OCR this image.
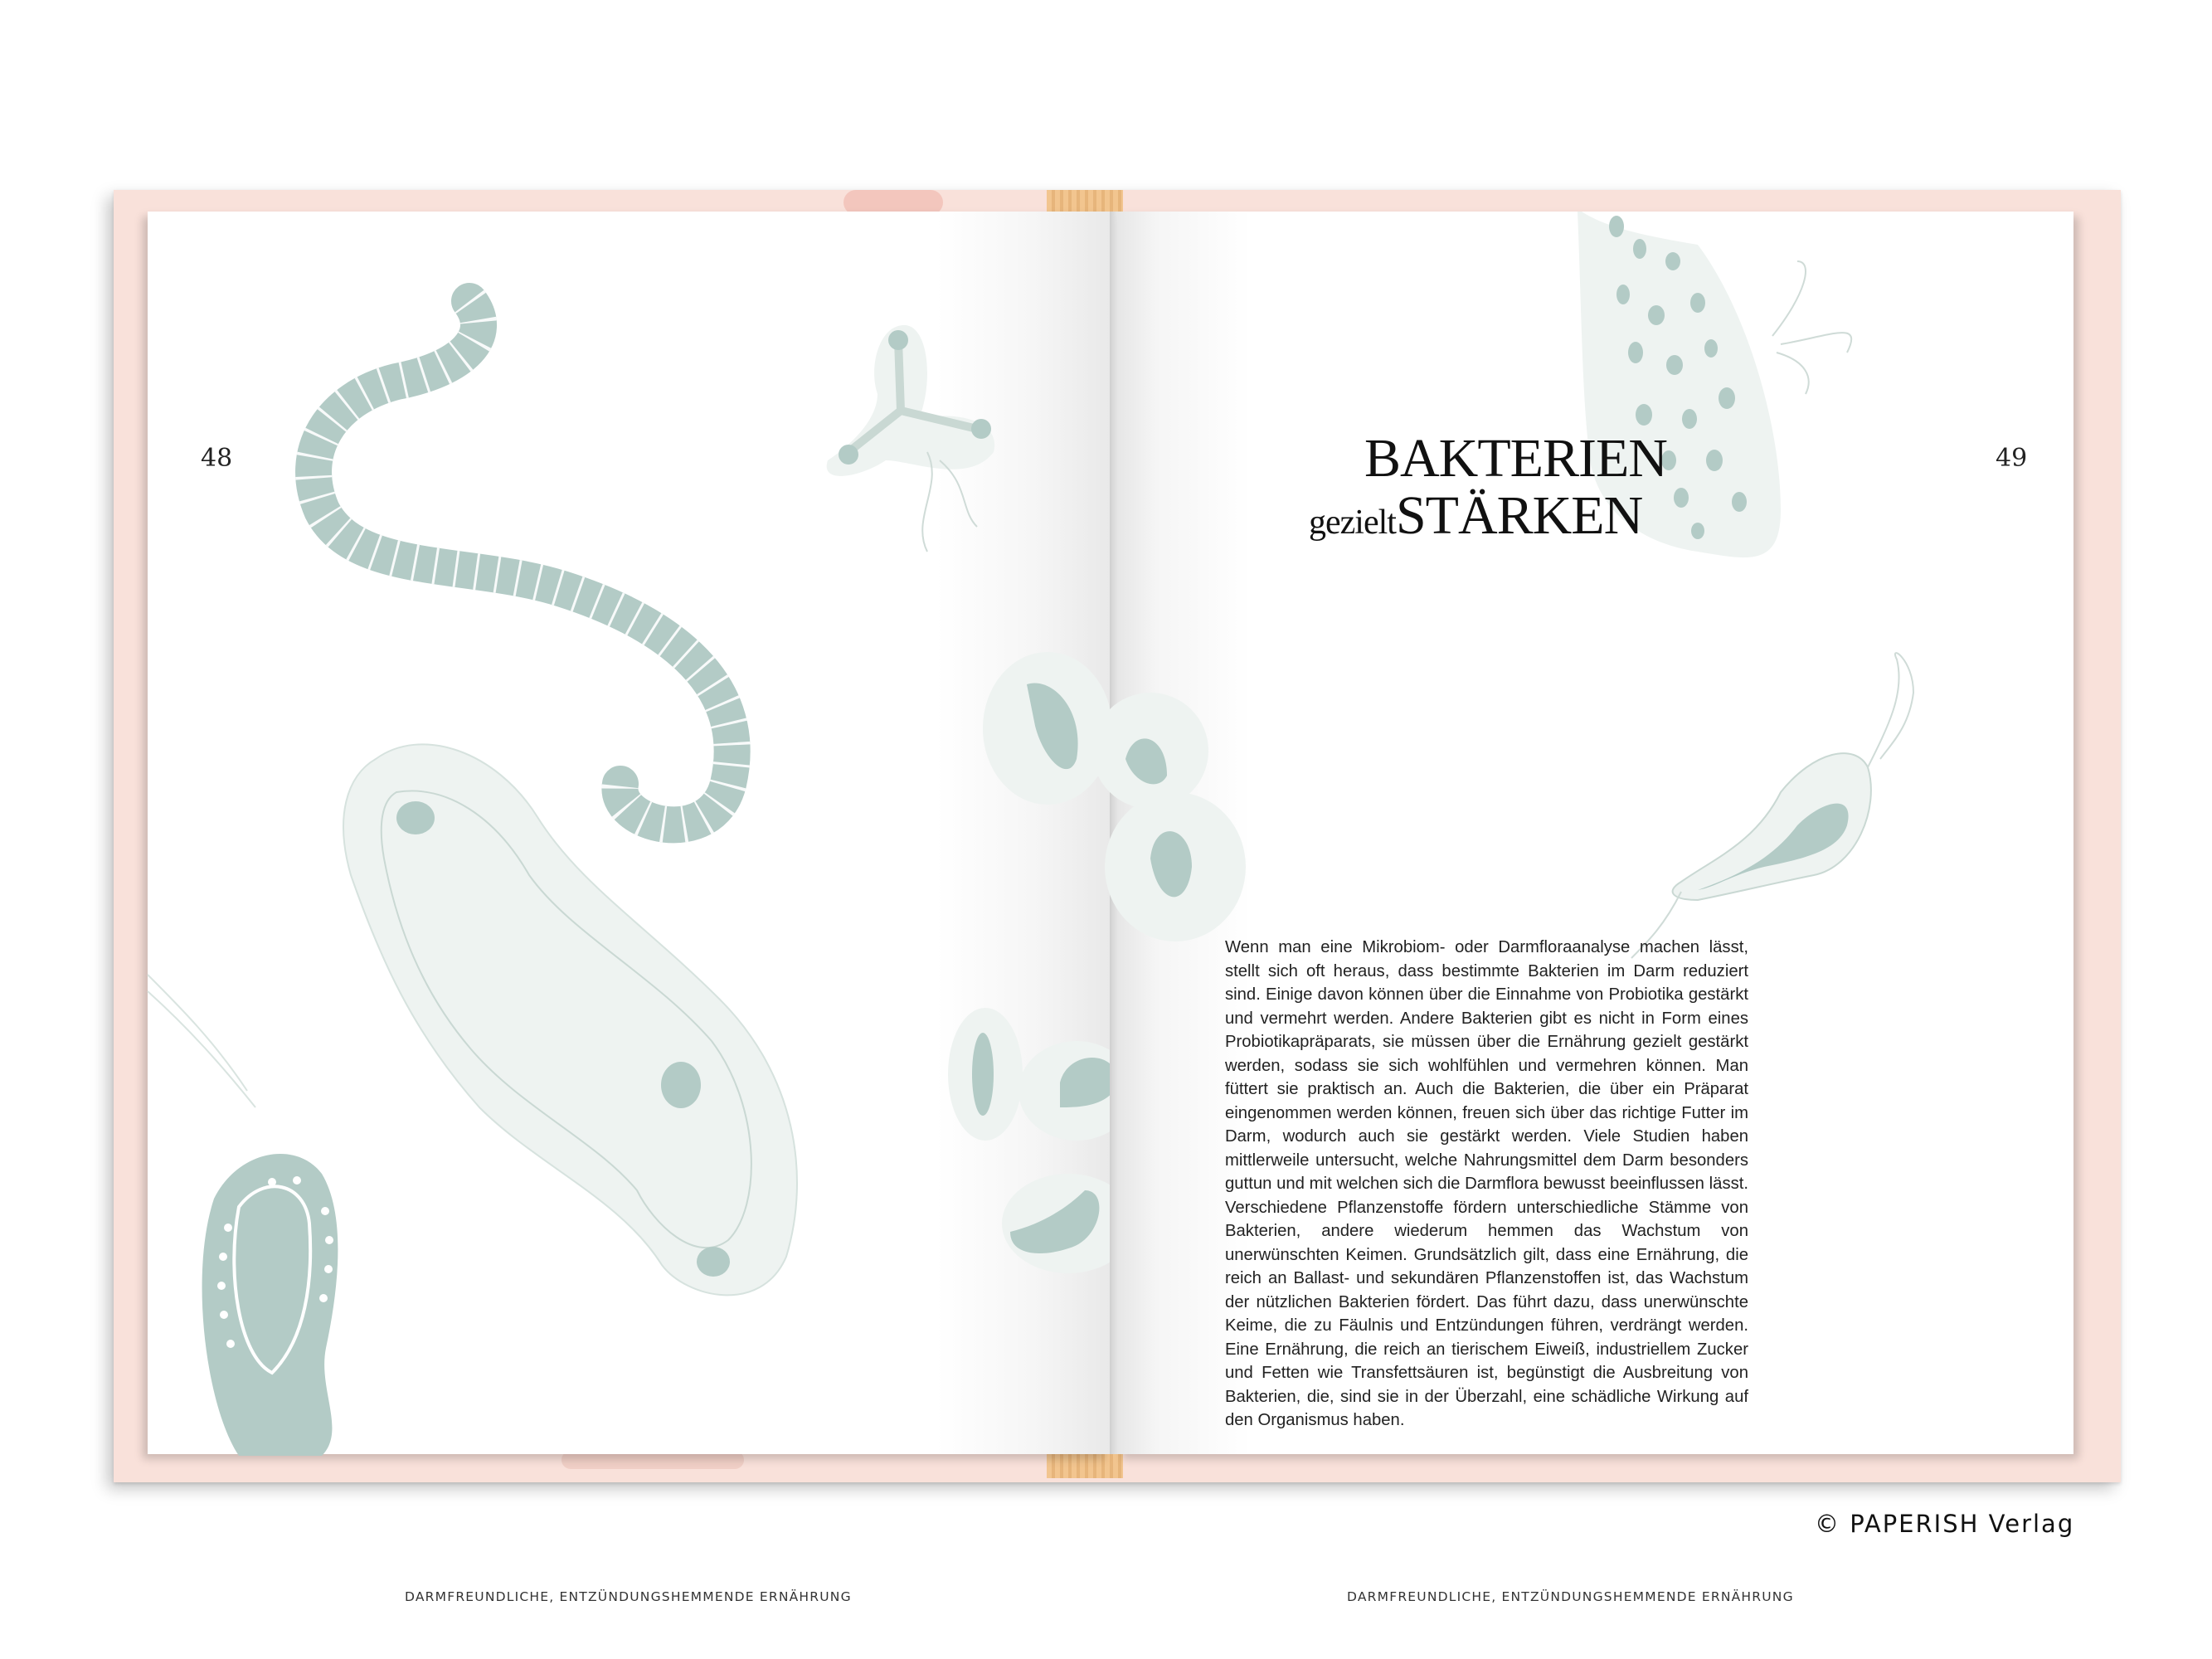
48
DARMFREUNDLICHE, ENTZÜNDUNGSHEMMENDE ERNÄHRUNG
49
DARMFREUNDLICHE, ENTZÜNDUNGSHEMMENDE ERNÄHRUNG
BAKTERIEN
gezieltSTÄRKEN
Wenn man eine Mikrobiom- oder Darmfloraanalyse machen lässt, stellt sich oft heraus, dass bestimmte Bakterien im Darm reduziert sind. Einige davon können über die Einnahme von Probiotika gestärkt und vermehrt werden. Andere Bakterien gibt es nicht in Form eines Probiotikapräparats, sie müssen über die Ernährung gezielt gestärkt werden, sodass sie sich wohlfühlen und vermehren können. Man füttert sie praktisch an. Auch die Bakterien, die über ein Präparat eingenommen werden können, freuen sich über das richtige Futter im Darm, wodurch auch sie gestärkt werden. Viele Studien haben mittlerweile untersucht, welche Nahrungsmittel dem Darm besonders guttun und mit welchen sich die Darmflora bewusst beeinflussen lässt. Verschiedene Pflanzenstoffe fördern unterschiedliche Stämme von Bakterien, andere wiederum hemmen das Wachstum von unerwünschten Keimen. Grundsätzlich gilt, dass eine Ernährung, die reich an Ballast- und sekundären Pflanzenstoffen ist, das Wachstum der nützlichen Bakterien fördert. Das führt dazu, dass unerwünschte Keime, die zu Fäulnis und Entzündungen führen, verdrängt werden. Eine Ernährung, die reich an tierischem Eiweiß, industriellem Zucker und Fetten wie Transfettsäuren ist, begünstigt die Ausbreitung von Bakterien, die, sind sie in der Überzahl, eine schädliche Wirkung auf den Organismus haben.
© PAPERISH Verlag
